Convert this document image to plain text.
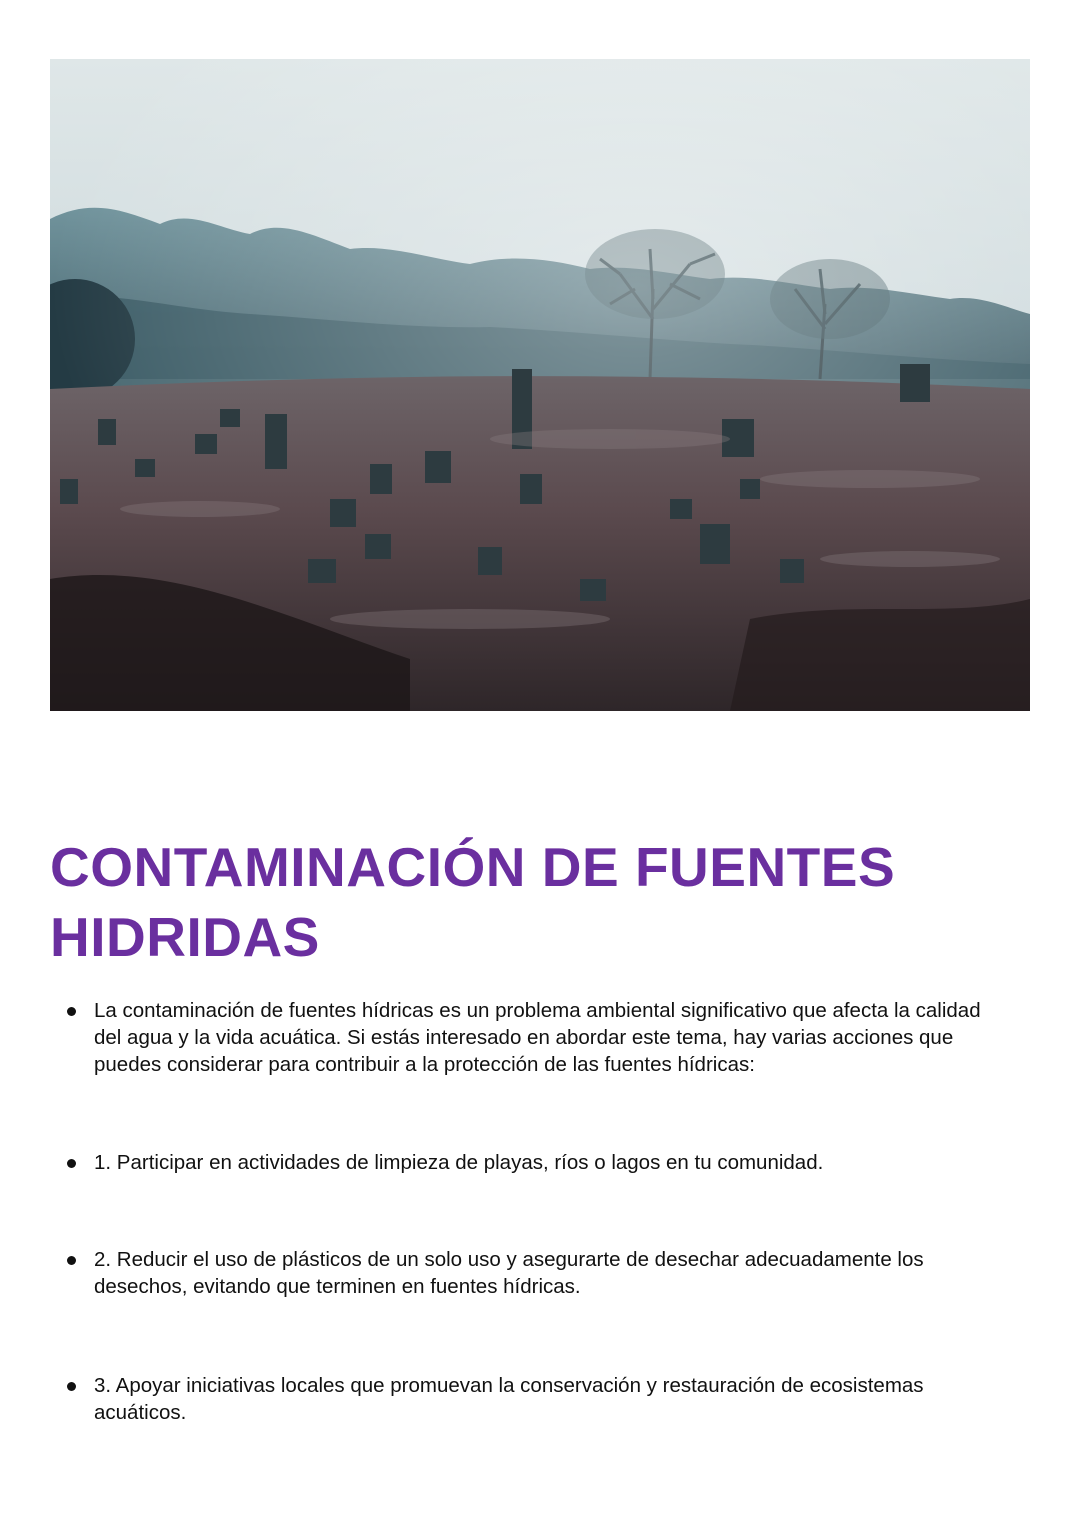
CONTAMINACIÓN DE FUENTES HIDRIDAS
La contaminación de fuentes hídricas es un problema ambiental significativo que afecta la calidad del agua y la vida acuática. Si estás interesado en abordar este tema, hay varias acciones que puedes considerar para contribuir a la protección de las fuentes hídricas:
1. Participar en actividades de limpieza de playas, ríos o lagos en tu comunidad.
2. Reducir el uso de plásticos de un solo uso y asegurarte de desechar adecuadamente los desechos, evitando que terminen en fuentes hídricas.
3. Apoyar iniciativas locales que promuevan la conservación y restauración de ecosistemas acuáticos.
